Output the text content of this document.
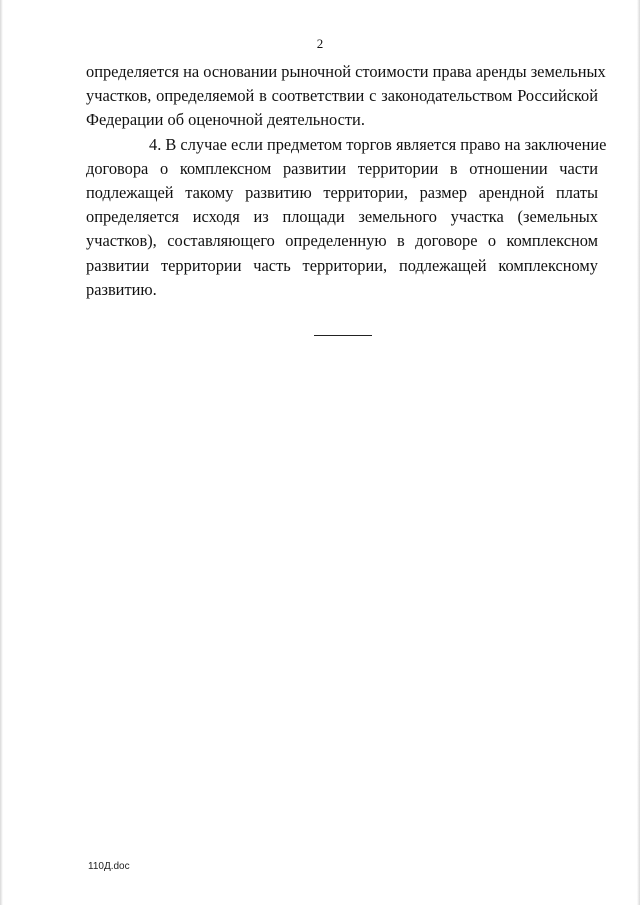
2

определяется на основании рыночной стоимости права аренды земельных
участков, определяемой в соответствии с законодательством Российской
Федерации об оценочной деятельности.

4. В случае если предметом торгов является право на заключение
договора о комплексном развитии территории в отношении части
подлежащей такому развитию территории, размер арендной платы
определяется исходя из площади земельного участка (земельных
участков), составляющего определенную в договоре о комплексном
развитии территории часть территории, подлежащей комплексному
развитию.

110Д.doc
